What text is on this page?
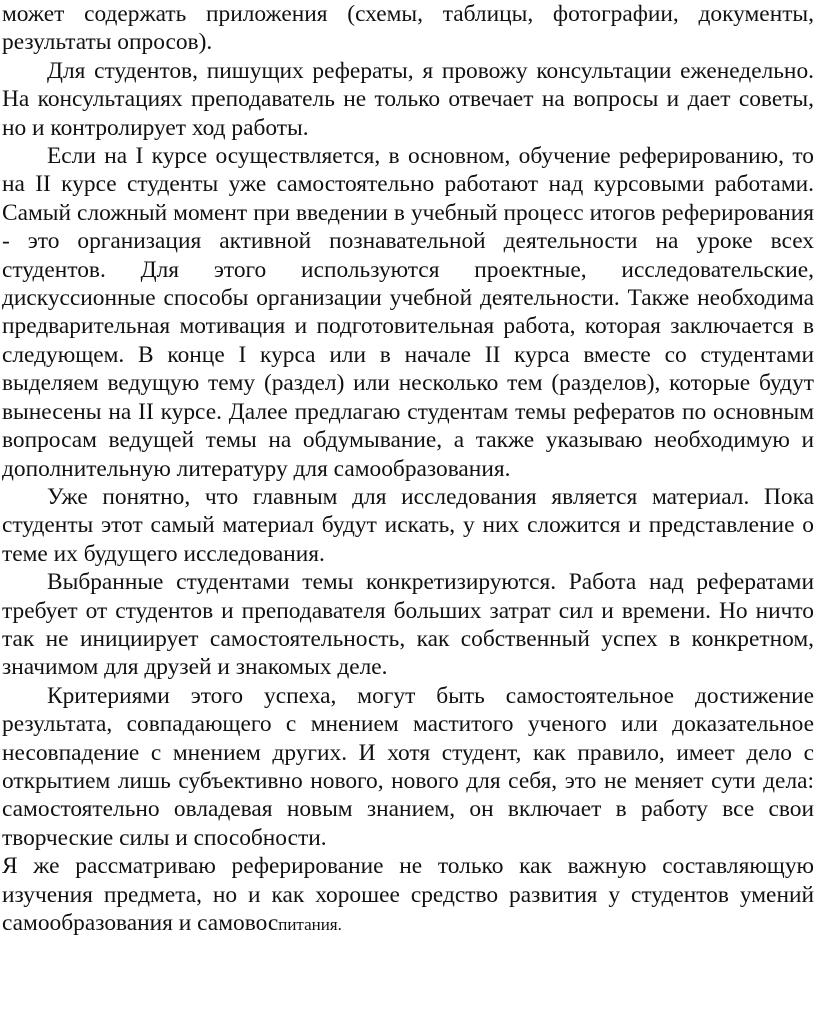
может содержать приложения (схемы, таблицы, фотографии, документы, результаты опросов).

Для студентов, пишущих рефераты, я провожу консультации еженедельно. На консультациях преподаватель не только отвечает на вопросы и дает советы, но и контролирует ход работы.

Если на I курсе осуществляется, в основном, обучение реферированию, то на II курсе студенты уже самостоятельно работают над курсовыми работами. Самый сложный момент при введении в учебный процесс итогов реферирования - это организация активной познавательной деятельности на уроке всех студентов. Для этого используются проектные, исследовательские, дискуссионные способы организации учебной деятельности. Также необходима предварительная мотивация и подготовительная работа, которая заключается в следующем. В конце I курса или в начале II курса вместе со студентами выделяем ведущую тему (раздел) или несколько тем (разделов), которые будут вынесены на II курсе. Далее предлагаю студентам темы рефератов по основным вопросам ведущей темы на обдумывание, а также указываю необходимую и дополнительную литературу для самообразования.

Уже понятно, что главным для исследования является материал. Пока студенты этот самый материал будут искать, у них сложится и представление о теме их будущего исследования.

Выбранные студентами темы конкретизируются. Работа над рефератами требует от студентов и преподавателя больших затрат сил и времени. Но ничто так не инициирует самостоятельность, как собственный успех в конкретном, значимом для друзей и знакомых деле.

Критериями этого успеха, могут быть самостоятельное достижение результата, совпадающего с мнением маститого ученого или доказательное несовпадение с мнением других. И хотя студент, как правило, имеет дело с открытием лишь субъективно нового, нового для себя, это не меняет сути дела: самостоятельно овладевая новым знанием, он включает в работу все свои творческие силы и способности.

Я же рассматриваю реферирование не только как важную составляющую изучения предмета, но и как хорошее средство развития у студентов умений самообразования и самовоспитания.
